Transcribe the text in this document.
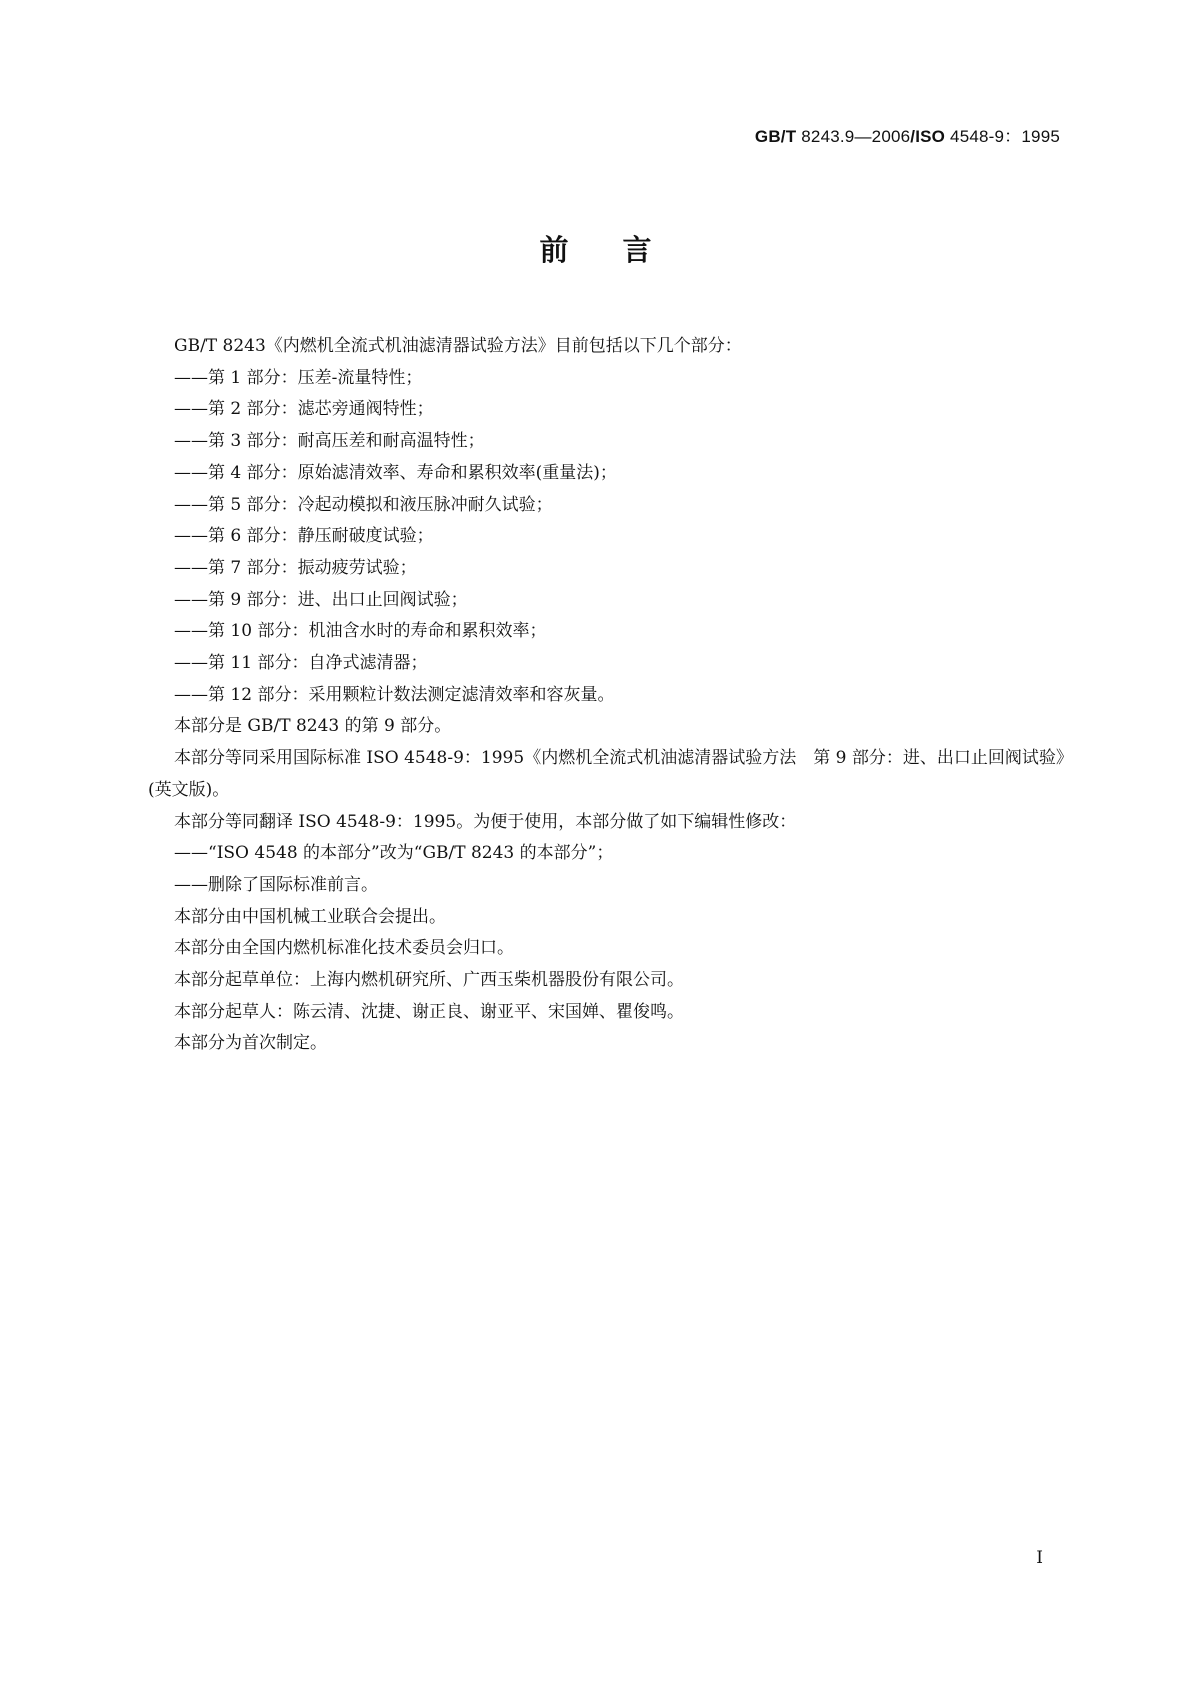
GB/T 8243.9—2006/ISO 4548-9：1995
前言

GB/T 8243《内燃机全流式机油滤清器试验方法》目前包括以下几个部分：

——第 1 部分：压差-流量特性；

——第 2 部分：滤芯旁通阀特性；

——第 3 部分：耐高压差和耐高温特性；

——第 4 部分：原始滤清效率、寿命和累积效率(重量法)；

——第 5 部分：冷起动模拟和液压脉冲耐久试验；

——第 6 部分：静压耐破度试验；

——第 7 部分：振动疲劳试验；

——第 9 部分：进、出口止回阀试验；

——第 10 部分：机油含水时的寿命和累积效率；

——第 11 部分：自净式滤清器；

——第 12 部分：采用颗粒计数法测定滤清效率和容灰量。

本部分是 GB/T 8243 的第 9 部分。

本部分等同采用国际标准 ISO 4548-9：1995《内燃机全流式机油滤清器试验方法　第 9 部分：进、出口止回阀试验》(英文版)。

本部分等同翻译 ISO 4548-9：1995。为便于使用，本部分做了如下编辑性修改：

——“ISO 4548 的本部分”改为“GB/T 8243 的本部分”；

——删除了国际标准前言。

本部分由中国机械工业联合会提出。

本部分由全国内燃机标准化技术委员会归口。

本部分起草单位：上海内燃机研究所、广西玉柴机器股份有限公司。

本部分起草人：陈云清、沈捷、谢正良、谢亚平、宋国婵、瞿俊鸣。

本部分为首次制定。

I
